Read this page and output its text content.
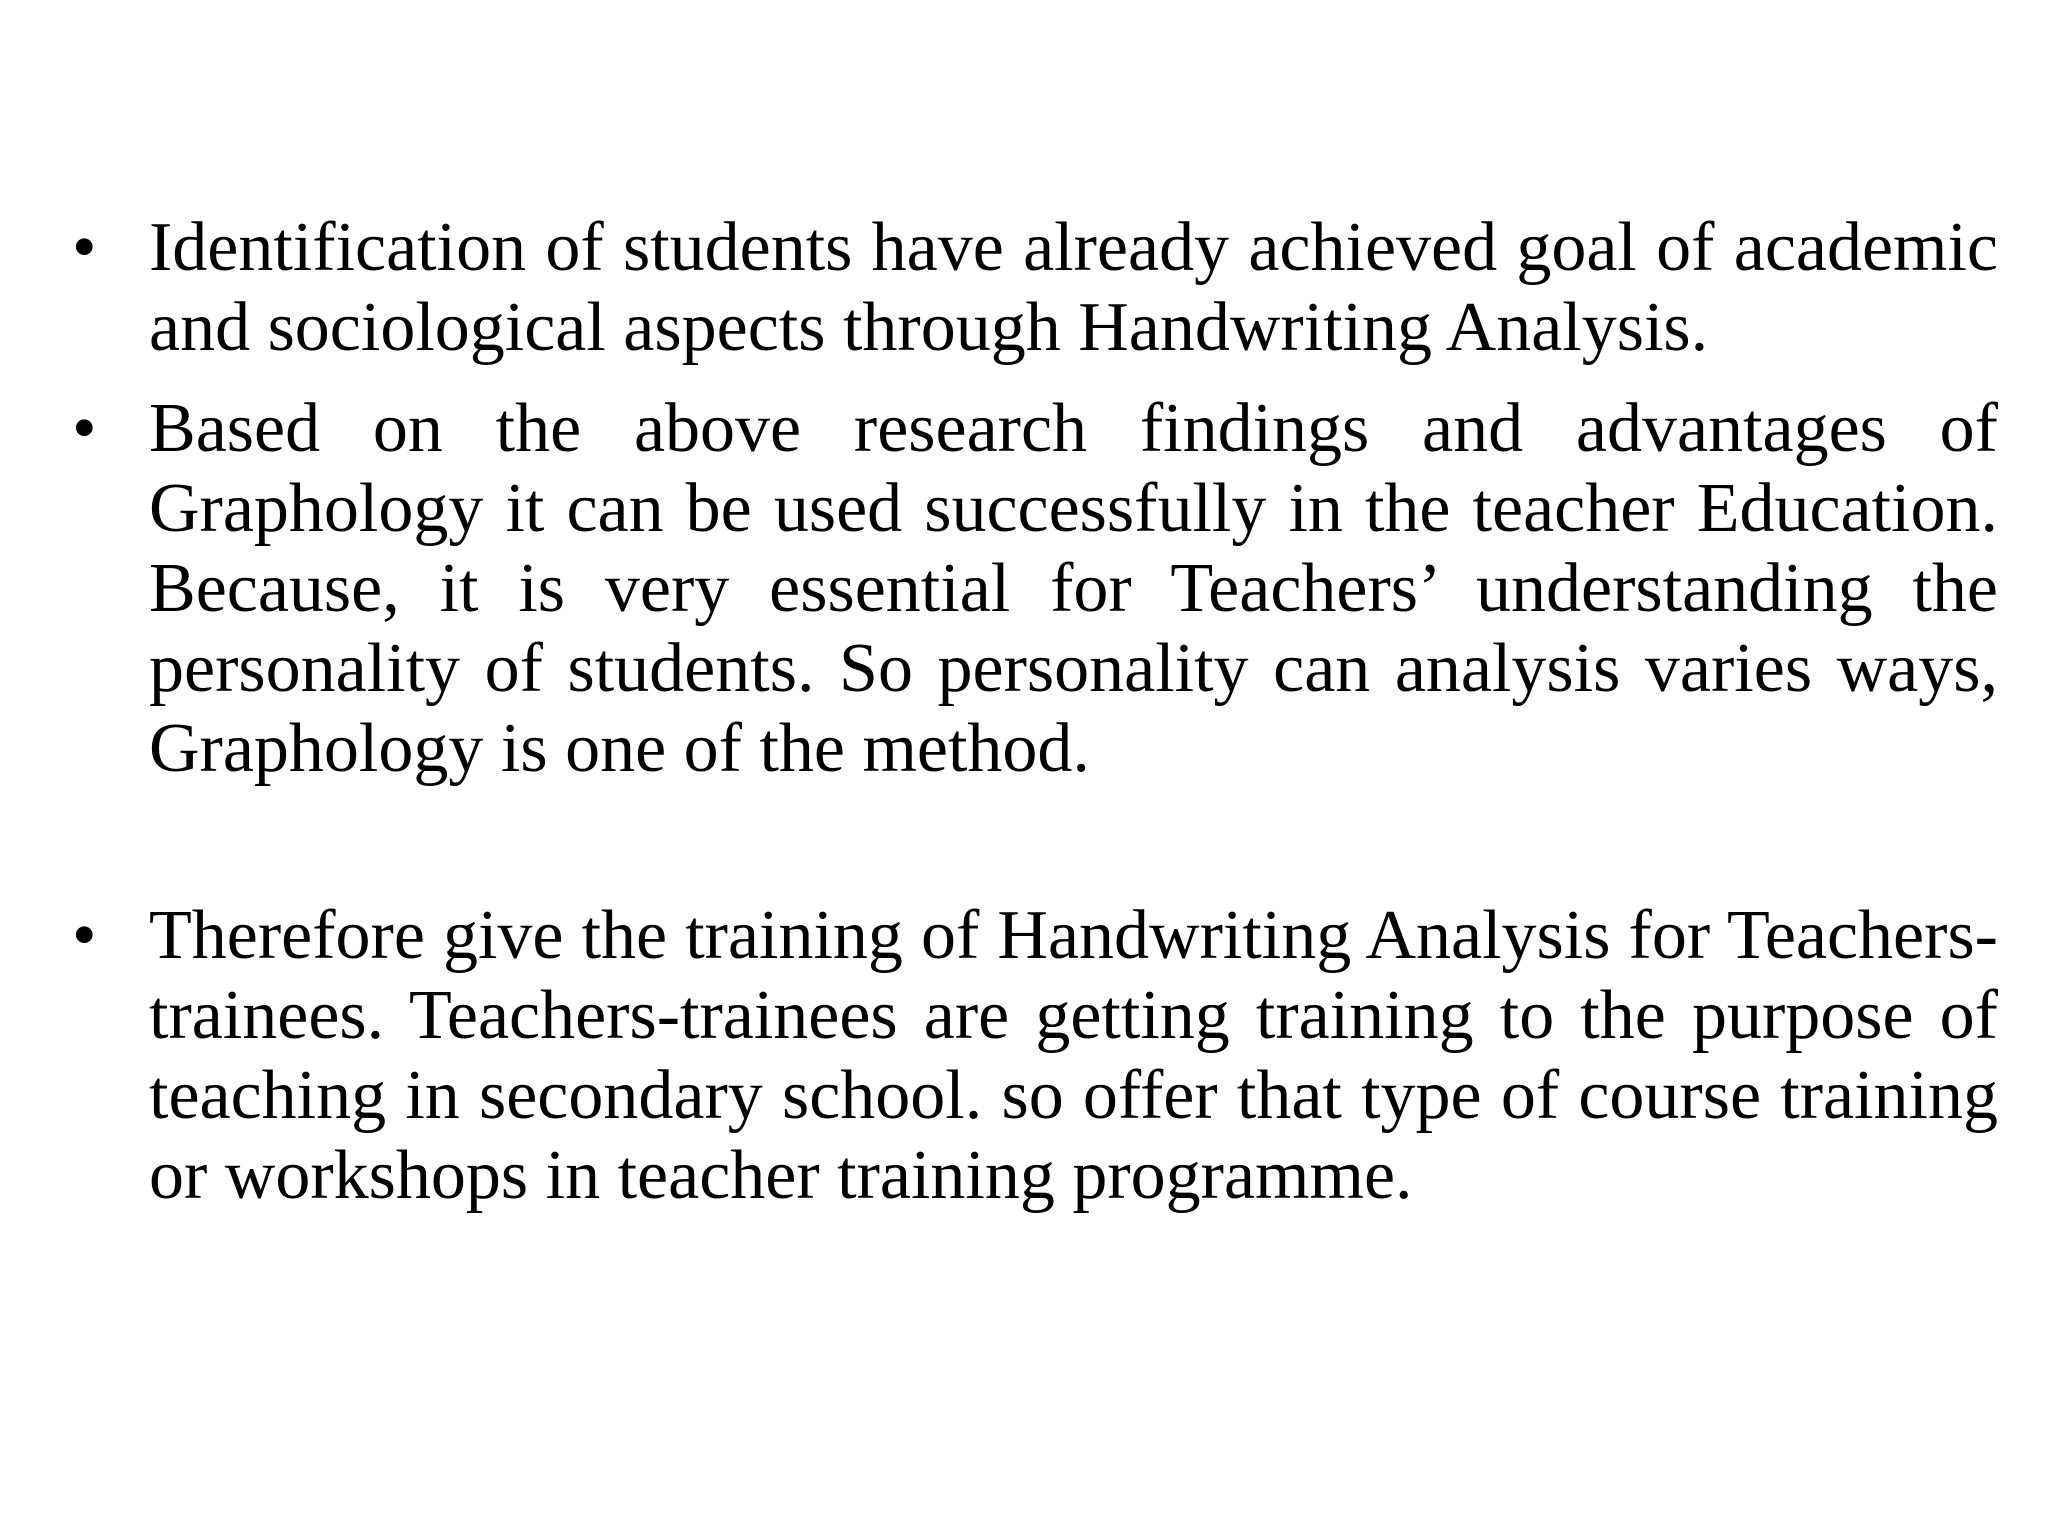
• Identification of students have already achieved goal of academic and sociological aspects through Handwriting Analysis.
• Based on the above research findings and advantages of Graphology it can be used successfully in the teacher Education. Because, it is very essential for Teachers’ understanding the personality of students. So personality can analysis varies ways, Graphology is one of the method.
• Therefore give the training of Handwriting Analysis for Teachers-trainees. Teachers-trainees are getting training to the purpose of teaching in secondary school. so offer that type of course training or workshops in teacher training programme.
